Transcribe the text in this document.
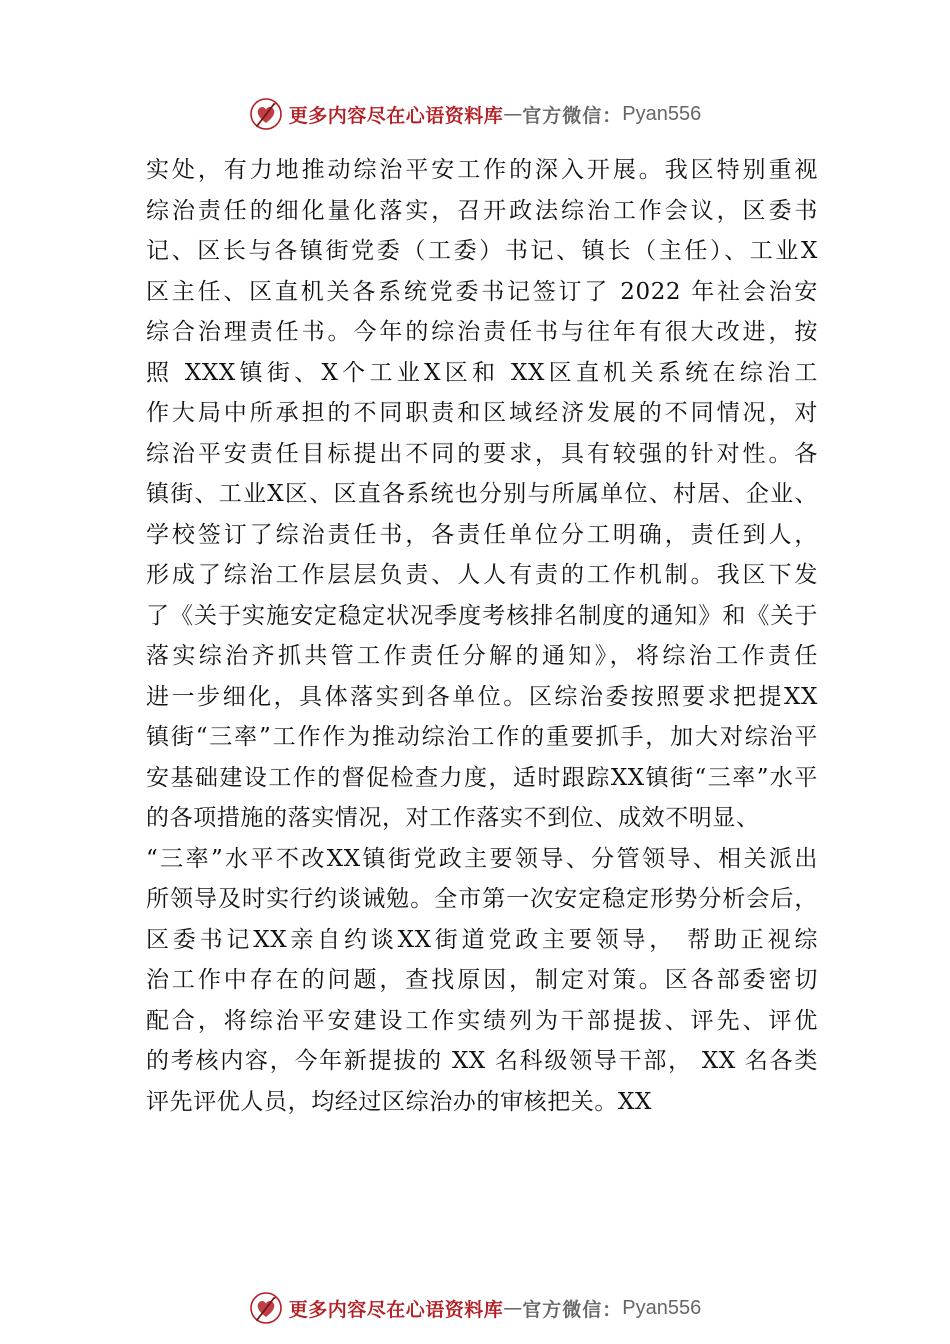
更多内容尽在心语资料库 — 官方微信： Pyan556
实处，有力地推动综治平安工作的深入开展。我区特别重视
综治责任的细化量化落实，召开政法综治工作会议，区委书
记、区长与各镇街党委（工委）书记、镇长（主任）、工业X
区主任、区直机关各系统党委书记签订了 2022 年社会治安
综合治理责任书。今年的综治责任书与往年有很大改进，按
照 XXX镇街、X个工业X区和 XX区直机关系统在综治工
作大局中所承担的不同职责和区域经济发展的不同情况，对
综治平安责任目标提出不同的要求，具有较强的针对性。各
镇街、工业X区、区直各系统也分别与所属单位、村居、企业、
学校签订了综治责任书，各责任单位分工明确，责任到人，
形成了综治工作层层负责、人人有责的工作机制。我区下发
了《关于实施安定稳定状况季度考核排名制度的通知》和《关于
落实综治齐抓共管工作责任分解的通知》，将综治工作责任
进一步细化，具体落实到各单位。区综治委按照要求把提XX
镇街“三率”工作作为推动综治工作的重要抓手，加大对综治平
安基础建设工作的督促检查力度，适时跟踪XX镇街“三率”水平
的各项措施的落实情况，对工作落实不到位、成效不明显、
“三率”水平不改XX镇街党政主要领导、分管领导、相关派出
所领导及时实行约谈诫勉。全市第一次安定稳定形势分析会后，
区委书记XX亲自约谈XX街道党政主要领导， 帮助正视综
治工作中存在的问题，查找原因，制定对策。区各部委密切
配合，将综治平安建设工作实绩列为干部提拔、评先、评优
的考核内容，今年新提拔的 XX 名科级领导干部， XX 名各类
评先评优人员，均经过区综治办的审核把关。XX
更多内容尽在心语资料库 — 官方微信： Pyan556
